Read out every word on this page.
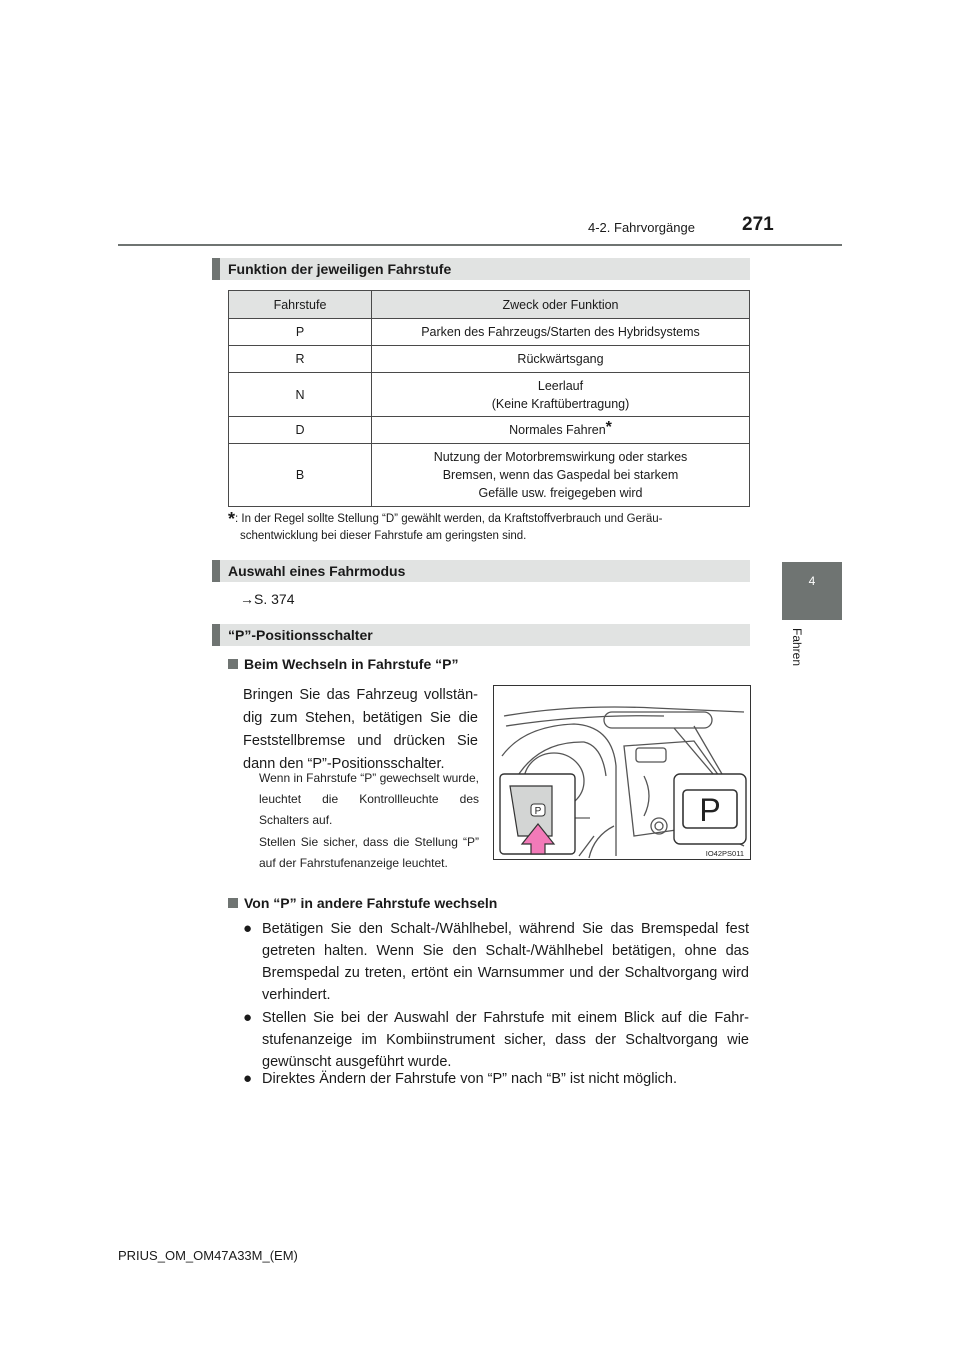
4-2. Fahrvorgänge 271
4
Fahren
Funktion der jeweiligen Fahrstufe
Fahrstufe	Zweck oder Funktion
P	Parken des Fahrzeugs/Starten des Hybridsystems
R	Rückwärtsgang
N	Leerlauf
(Keine Kraftübertragung)

D	Normales Fahren*
B	Nutzung der Motorbremswirkung oder starkes
Bremsen, wenn das Gaspedal bei starkem
Gefälle usw. freigegeben wird
*: In der Regel sollte Stellung “D” gewählt werden, da Kraftstoffverbrauch und Geräu-
schentwicklung bei dieser Fahrstufe am geringsten sind.
Auswahl eines Fahrmodus
→S. 374
“P”-Positionsschalter
Beim Wechseln in Fahrstufe “P”
Bringen Sie das Fahrzeug vollstän-dig zum Stehen, betätigen Sie die Feststellbremse und drücken Sie dann den “P”-Positionsschalter.
Wenn in Fahrstufe “P” gewechselt wurde, leuchtet die Kontrollleuchte des Schalters auf.
Stellen Sie sicher, dass die Stellung “P” auf der Fahrstufenanzeige leuchtet.
P	P
IO42PS011
Von “P” in andere Fahrstufe wechseln
● Betätigen Sie den Schalt-/Wählhebel, während Sie das Bremspedal fest getreten halten. Wenn Sie den Schalt-/Wählhebel betätigen, ohne das Bremspedal zu treten, ertönt ein Warnsummer und der Schaltvorgang wird verhindert.
● Stellen Sie bei der Auswahl der Fahrstufe mit einem Blick auf die Fahr-stufenanzeige im Kombiinstrument sicher, dass der Schaltvorgang wie gewünscht ausgeführt wurde.
● Direktes Ändern der Fahrstufe von “P” nach “B” ist nicht möglich.
PRIUS_OM_OM47A33M_(EM)
